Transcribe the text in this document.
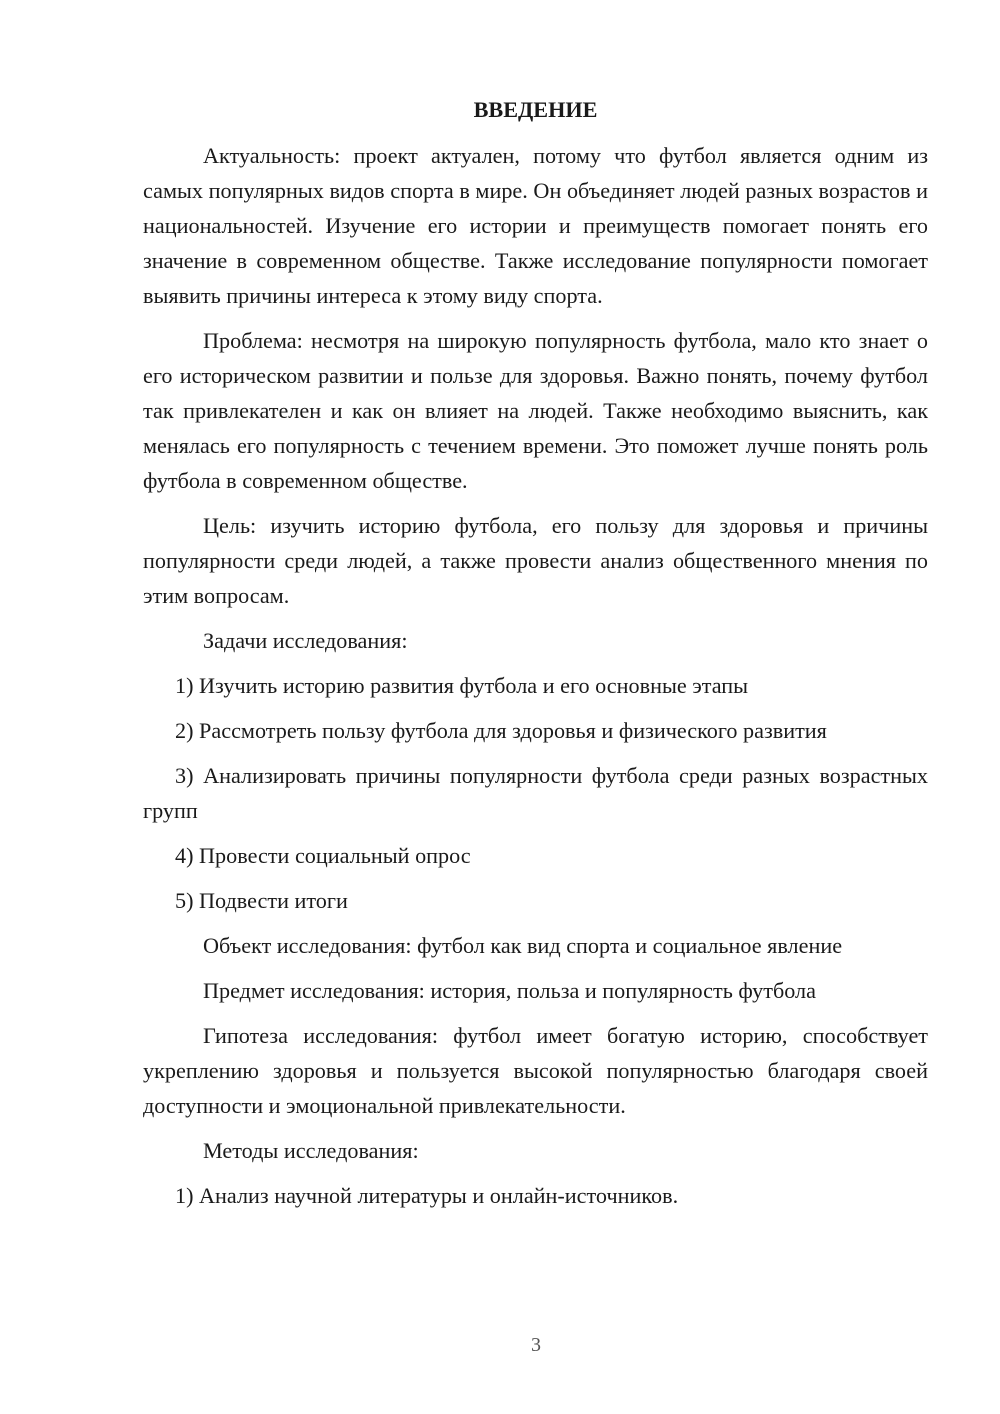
ВВЕДЕНИЕ

Актуальность: проект актуален, потому что футбол является одним из самых популярных видов спорта в мире. Он объединяет людей разных возрастов и национальностей. Изучение его истории и преимуществ помогает понять его значение в современном обществе. Также исследование популярности помогает выявить причины интереса к этому виду спорта.

Проблема: несмотря на широкую популярность футбола, мало кто знает о его историческом развитии и пользе для здоровья. Важно понять, почему футбол так привлекателен и как он влияет на людей. Также необходимо выяснить, как менялась его популярность с течением времени. Это поможет лучше понять роль футбола в современном обществе.

Цель: изучить историю футбола, его пользу для здоровья и причины популярности среди людей, а также провести анализ общественного мнения по этим вопросам.

Задачи исследования:

1) Изучить историю развития футбола и его основные этапы

2) Рассмотреть пользу футбола для здоровья и физического развития

3) Анализировать причины популярности футбола среди разных возрастных групп

4) Провести социальный опрос

5) Подвести итоги

Объект исследования: футбол как вид спорта и социальное явление

Предмет исследования: история, польза и популярность футбола

Гипотеза исследования: футбол имеет богатую историю, способствует укреплению здоровья и пользуется высокой популярностью благодаря своей доступности и эмоциональной привлекательности.

Методы исследования:

1) Анализ научной литературы и онлайн-источников.

3
